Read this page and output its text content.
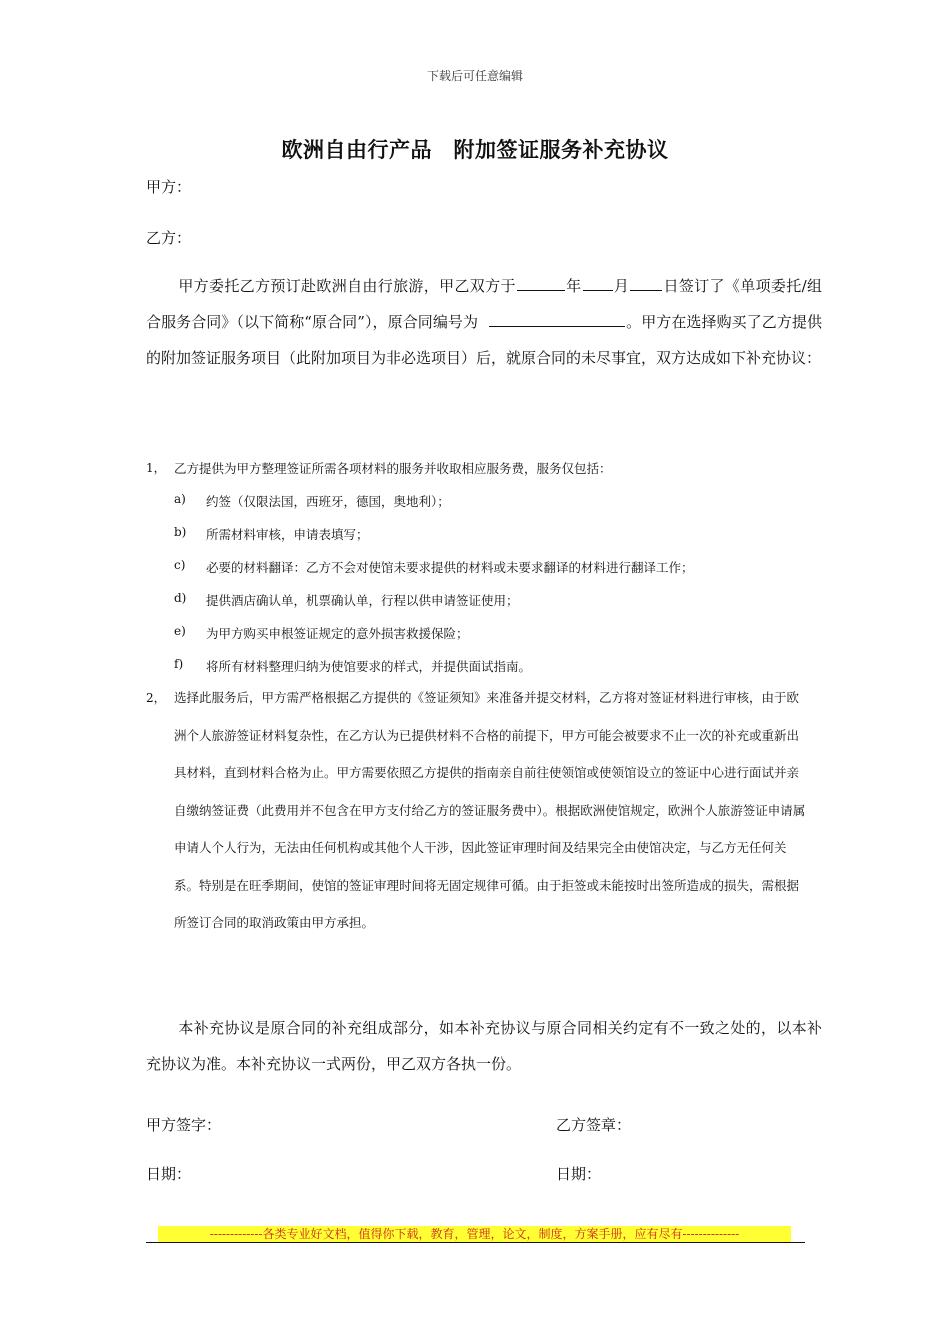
下载后可任意编辑
欧洲自由行产品　附加签证服务补充协议
甲方：
乙方：

甲方委托乙方预订赴欧洲自由行旅游，甲乙双方于	年 月 日签订了《单项委托/组合服务合同》（以下简称“原合同”），原合同编号为	。甲方在选择购买了乙方提供的附加签证服务项目（此附加项目为非必选项目）后，就原合同的未尽事宜，双方达成如下补充协议：

1， 乙方提供为甲方整理签证所需各项材料的服务并收取相应服务费，服务仅包括：
a) 约签（仅限法国，西班牙，德国，奥地利）；
b) 所需材料审核，申请表填写；
c) 必要的材料翻译：乙方不会对使馆未要求提供的材料或未要求翻译的材料进行翻译工作；
d) 提供酒店确认单，机票确认单，行程以供申请签证使用；
e) 为甲方购买申根签证规定的意外损害救援保险；
f) 将所有材料整理归纳为使馆要求的样式，并提供面试指南。
2， 选择此服务后，甲方需严格根据乙方提供的《签证须知》来准备并提交材料，乙方将对签证材料进行审核，由于欧洲个人旅游签证材料复杂性，在乙方认为已提供材料不合格的前提下，甲方可能会被要求不止一次的补充或重新出具材料，直到材料合格为止。甲方需要依照乙方提供的指南亲自前往使领馆或使领馆设立的签证中心进行面试并亲自缴纳签证费（此费用并不包含在甲方支付给乙方的签证服务费中）。根据欧洲使馆规定，欧洲个人旅游签证申请属申请人个人行为，无法由任何机构或其他个人干涉，因此签证审理时间及结果完全由使馆决定，与乙方无任何关系。特别是在旺季期间，使馆的签证审理时间将无固定规律可循。由于拒签或未能按时出签所造成的损失，需根据所签订合同的取消政策由甲方承担。

本补充协议是原合同的补充组成部分，如本补充协议与原合同相关约定有不一致之处的，以本补充协议为准。本补充协议一式两份，甲乙双方各执一份。

甲方签字：	乙方签章：
日期：	日期：
-------------各类专业好文档，值得你下载，教育，管理，论文，制度，方案手册，应有尽有--------------
